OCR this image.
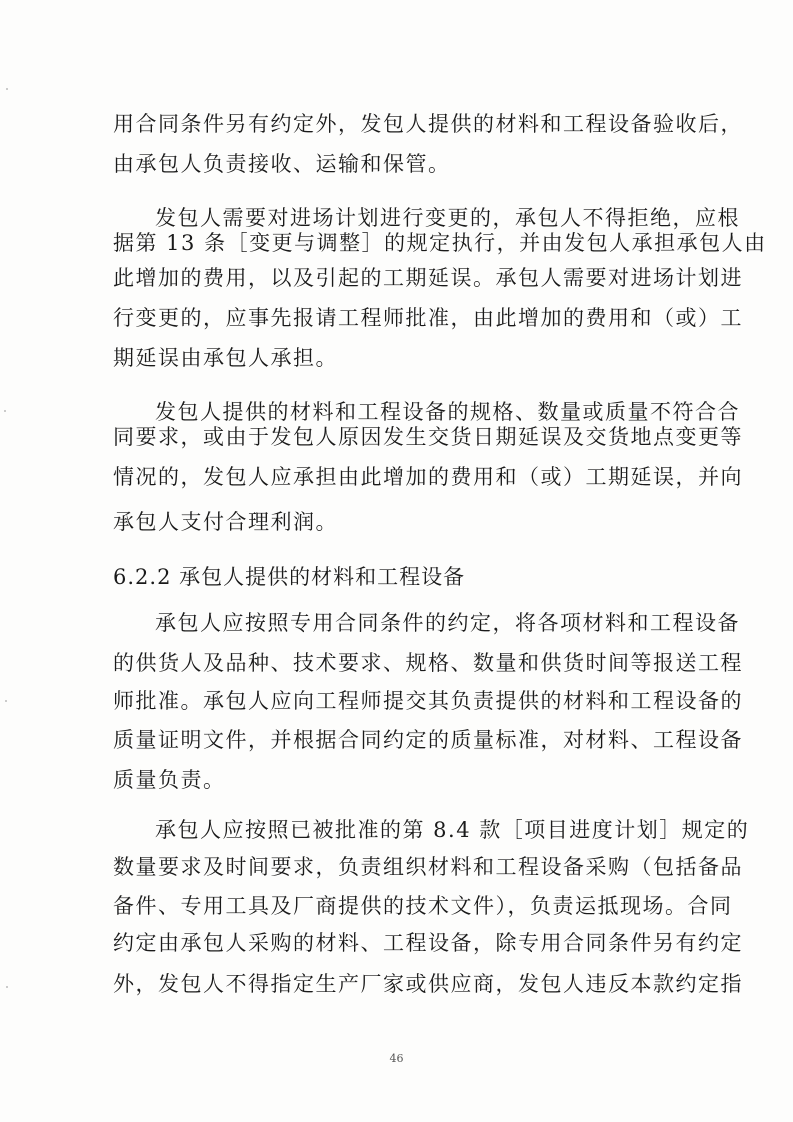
用合同条件另有约定外，发包人提供的材料和工程设备验收后，
由承包人负责接收、运输和保管。
发包人需要对进场计划进行变更的，承包人不得拒绝，应根
据第 13 条［变更与调整］的规定执行，并由发包人承担承包人由
此增加的费用，以及引起的工期延误。承包人需要对进场计划进
行变更的，应事先报请工程师批准，由此增加的费用和（或）工
期延误由承包人承担。
发包人提供的材料和工程设备的规格、数量或质量不符合合
同要求，或由于发包人原因发生交货日期延误及交货地点变更等
情况的，发包人应承担由此增加的费用和（或）工期延误，并向
承包人支付合理利润。
6.2.2 承包人提供的材料和工程设备
承包人应按照专用合同条件的约定，将各项材料和工程设备
的供货人及品种、技术要求、规格、数量和供货时间等报送工程
师批准。承包人应向工程师提交其负责提供的材料和工程设备的
质量证明文件，并根据合同约定的质量标准，对材料、工程设备
质量负责。
承包人应按照已被批准的第 8.4 款［项目进度计划］规定的
数量要求及时间要求，负责组织材料和工程设备采购（包括备品
备件、专用工具及厂商提供的技术文件），负责运抵现场。合同
约定由承包人采购的材料、工程设备，除专用合同条件另有约定
外，发包人不得指定生产厂家或供应商，发包人违反本款约定指
46
